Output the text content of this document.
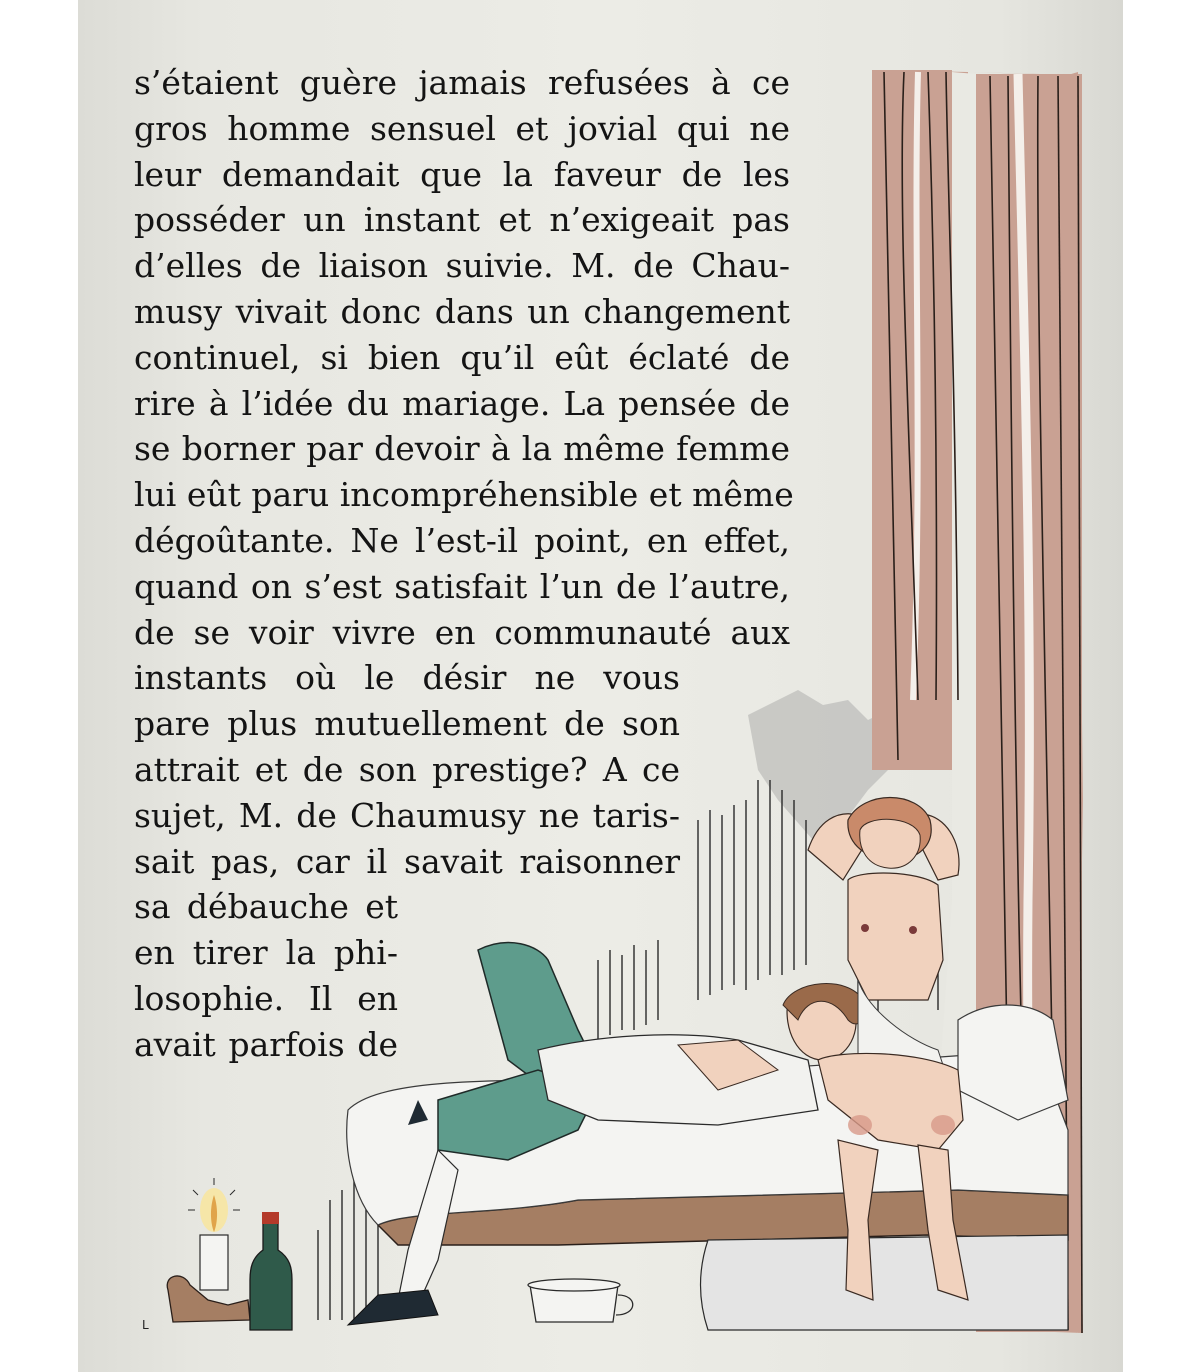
s’étaient guère jamais refusées à ce
gros homme sensuel et jovial qui ne
leur demandait que la faveur de les
posséder un instant et n’exigeait pas
d’elles de liaison suivie. M. de Chau-
musy vivait donc dans un changement
continuel, si bien qu’il eût éclaté de
rire à l’idée du mariage. La pensée de
se borner par devoir à la même femme
lui eût paru incompréhensible et même
dégoûtante. Ne l’est-il point, en effet,
quand on s’est satisfait l’un de l’autre,
de se voir vivre en communauté aux
instants où le désir ne vous
pare plus mutuellement de son
attrait et de son prestige? A ce
sujet, M. de Chaumusy ne taris-
sait pas, car il savait raisonner
sa débauche et
en tirer la phi-
losophie. Il en
avait parfois de
L
